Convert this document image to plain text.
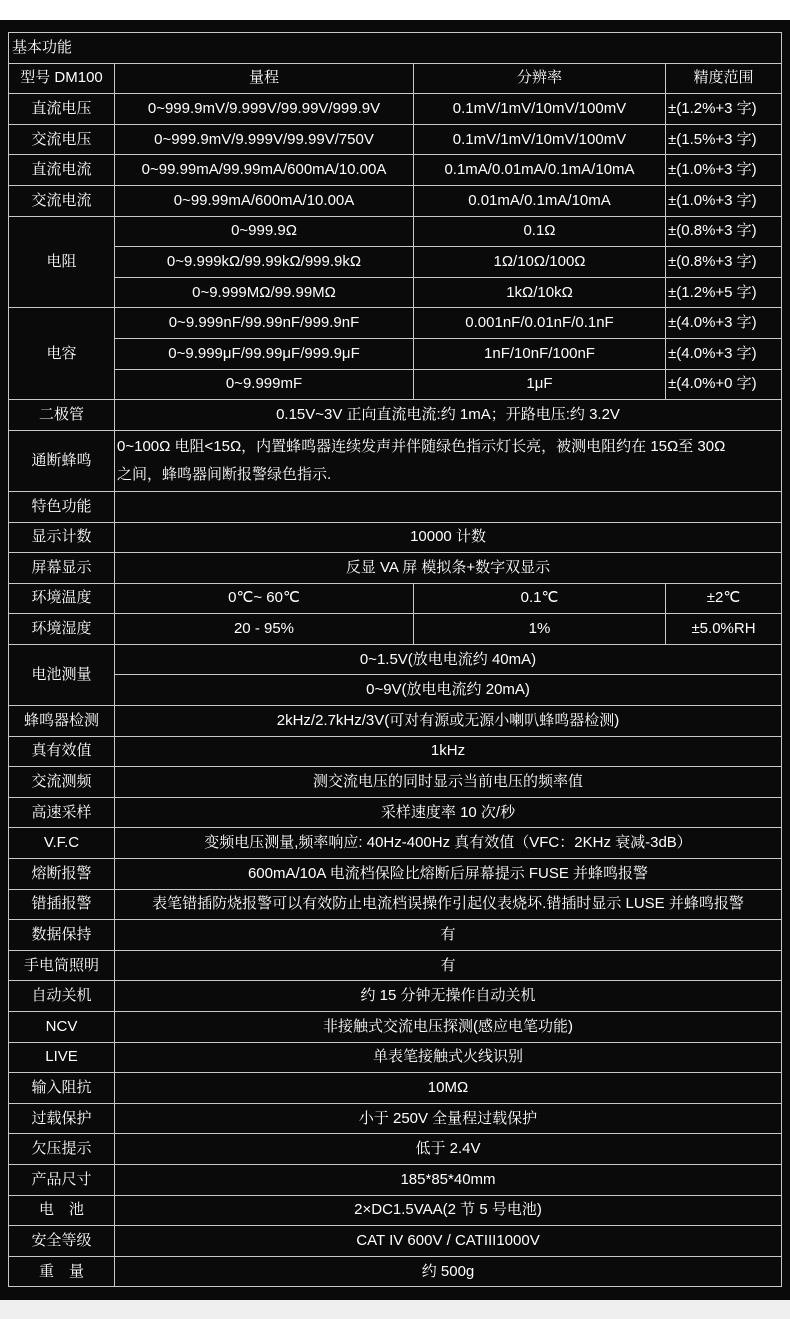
基本功能			
型号 DM100	量程	分辨率	精度范围
直流电压	0~999.9mV/9.999V/99.99V/999.9V	0.1mV/1mV/10mV/100mV	±(1.2%+3 字)
交流电压	0~999.9mV/9.999V/99.99V/750V	0.1mV/1mV/10mV/100mV	±(1.5%+3 字)
直流电流	0~99.99mA/99.99mA/600mA/10.00A	0.1mA/0.01mA/0.1mA/10mA	±(1.0%+3 字)
交流电流	0~99.99mA/600mA/10.00A	0.01mA/0.1mA/10mA	±(1.0%+3 字)
电阻	0~999.9Ω	0.1Ω	±(0.8%+3 字)
	0~9.999kΩ/99.99kΩ/999.9kΩ	1Ω/10Ω/100Ω	±(0.8%+3 字)
	0~9.999MΩ/99.99MΩ	1kΩ/10kΩ	±(1.2%+5 字)
电容	0~9.999nF/99.99nF/999.9nF	0.001nF/0.01nF/0.1nF	±(4.0%+3 字)
	0~9.999μF/99.99μF/999.9μF	1nF/10nF/100nF	±(4.0%+3 字)
	0~9.999mF	1μF	±(4.0%+0 字)
二极管	0.15V~3V 正向直流电流:约 1mA；开路电压:约 3.2V		
通断蜂鸣	0~100Ω 电阻<15Ω，内置蜂鸣器连续发声并伴随绿色指示灯长亮，被测电阻约在 15Ω至 30Ω
之间，蜂鸣器间断报警绿色指示.		

特色功能			
显示计数	10000 计数		
屏幕显示	反显 VA 屏 模拟条+数字双显示		
环境温度	0℃~ 60℃	0.1℃	±2℃
环境湿度	20 - 95%	1%	±5.0%RH
电池测量	0~1.5V(放电电流约 40mA)		
	0~9V(放电电流约 20mA)		
蜂鸣器检测	2kHz/2.7kHz/3V(可对有源或无源小喇叭蜂鸣器检测)		
真有效值	1kHz		
交流测频	测交流电压的同时显示当前电压的频率值		
高速采样	采样速度率 10 次/秒		
V.F.C	变频电压测量,频率响应: 40Hz-400Hz 真有效值（VFC：2KHz 衰减-3dB）		
熔断报警	600mA/10A 电流档保险比熔断后屏幕提示 FUSE 并蜂鸣报警		
错插报警	表笔错插防烧报警可以有效防止电流档误操作引起仪表烧坏.错插时显示 LUSE 并蜂鸣报警		
数据保持	有		
手电筒照明	有		
自动关机	约 15 分钟无操作自动关机		
NCV	非接触式交流电压探测(感应电笔功能)		
LIVE	单表笔接触式火线识别		
输入阻抗	10MΩ		
过载保护	小于 250V 全量程过载保护		
欠压提示	低于 2.4V		
产品尺寸	185*85*40mm		
电　池	2×DC1.5VAA(2 节 5 号电池)		
安全等级	CAT IV 600V / CATIII1000V		
重　量	约 500g		
